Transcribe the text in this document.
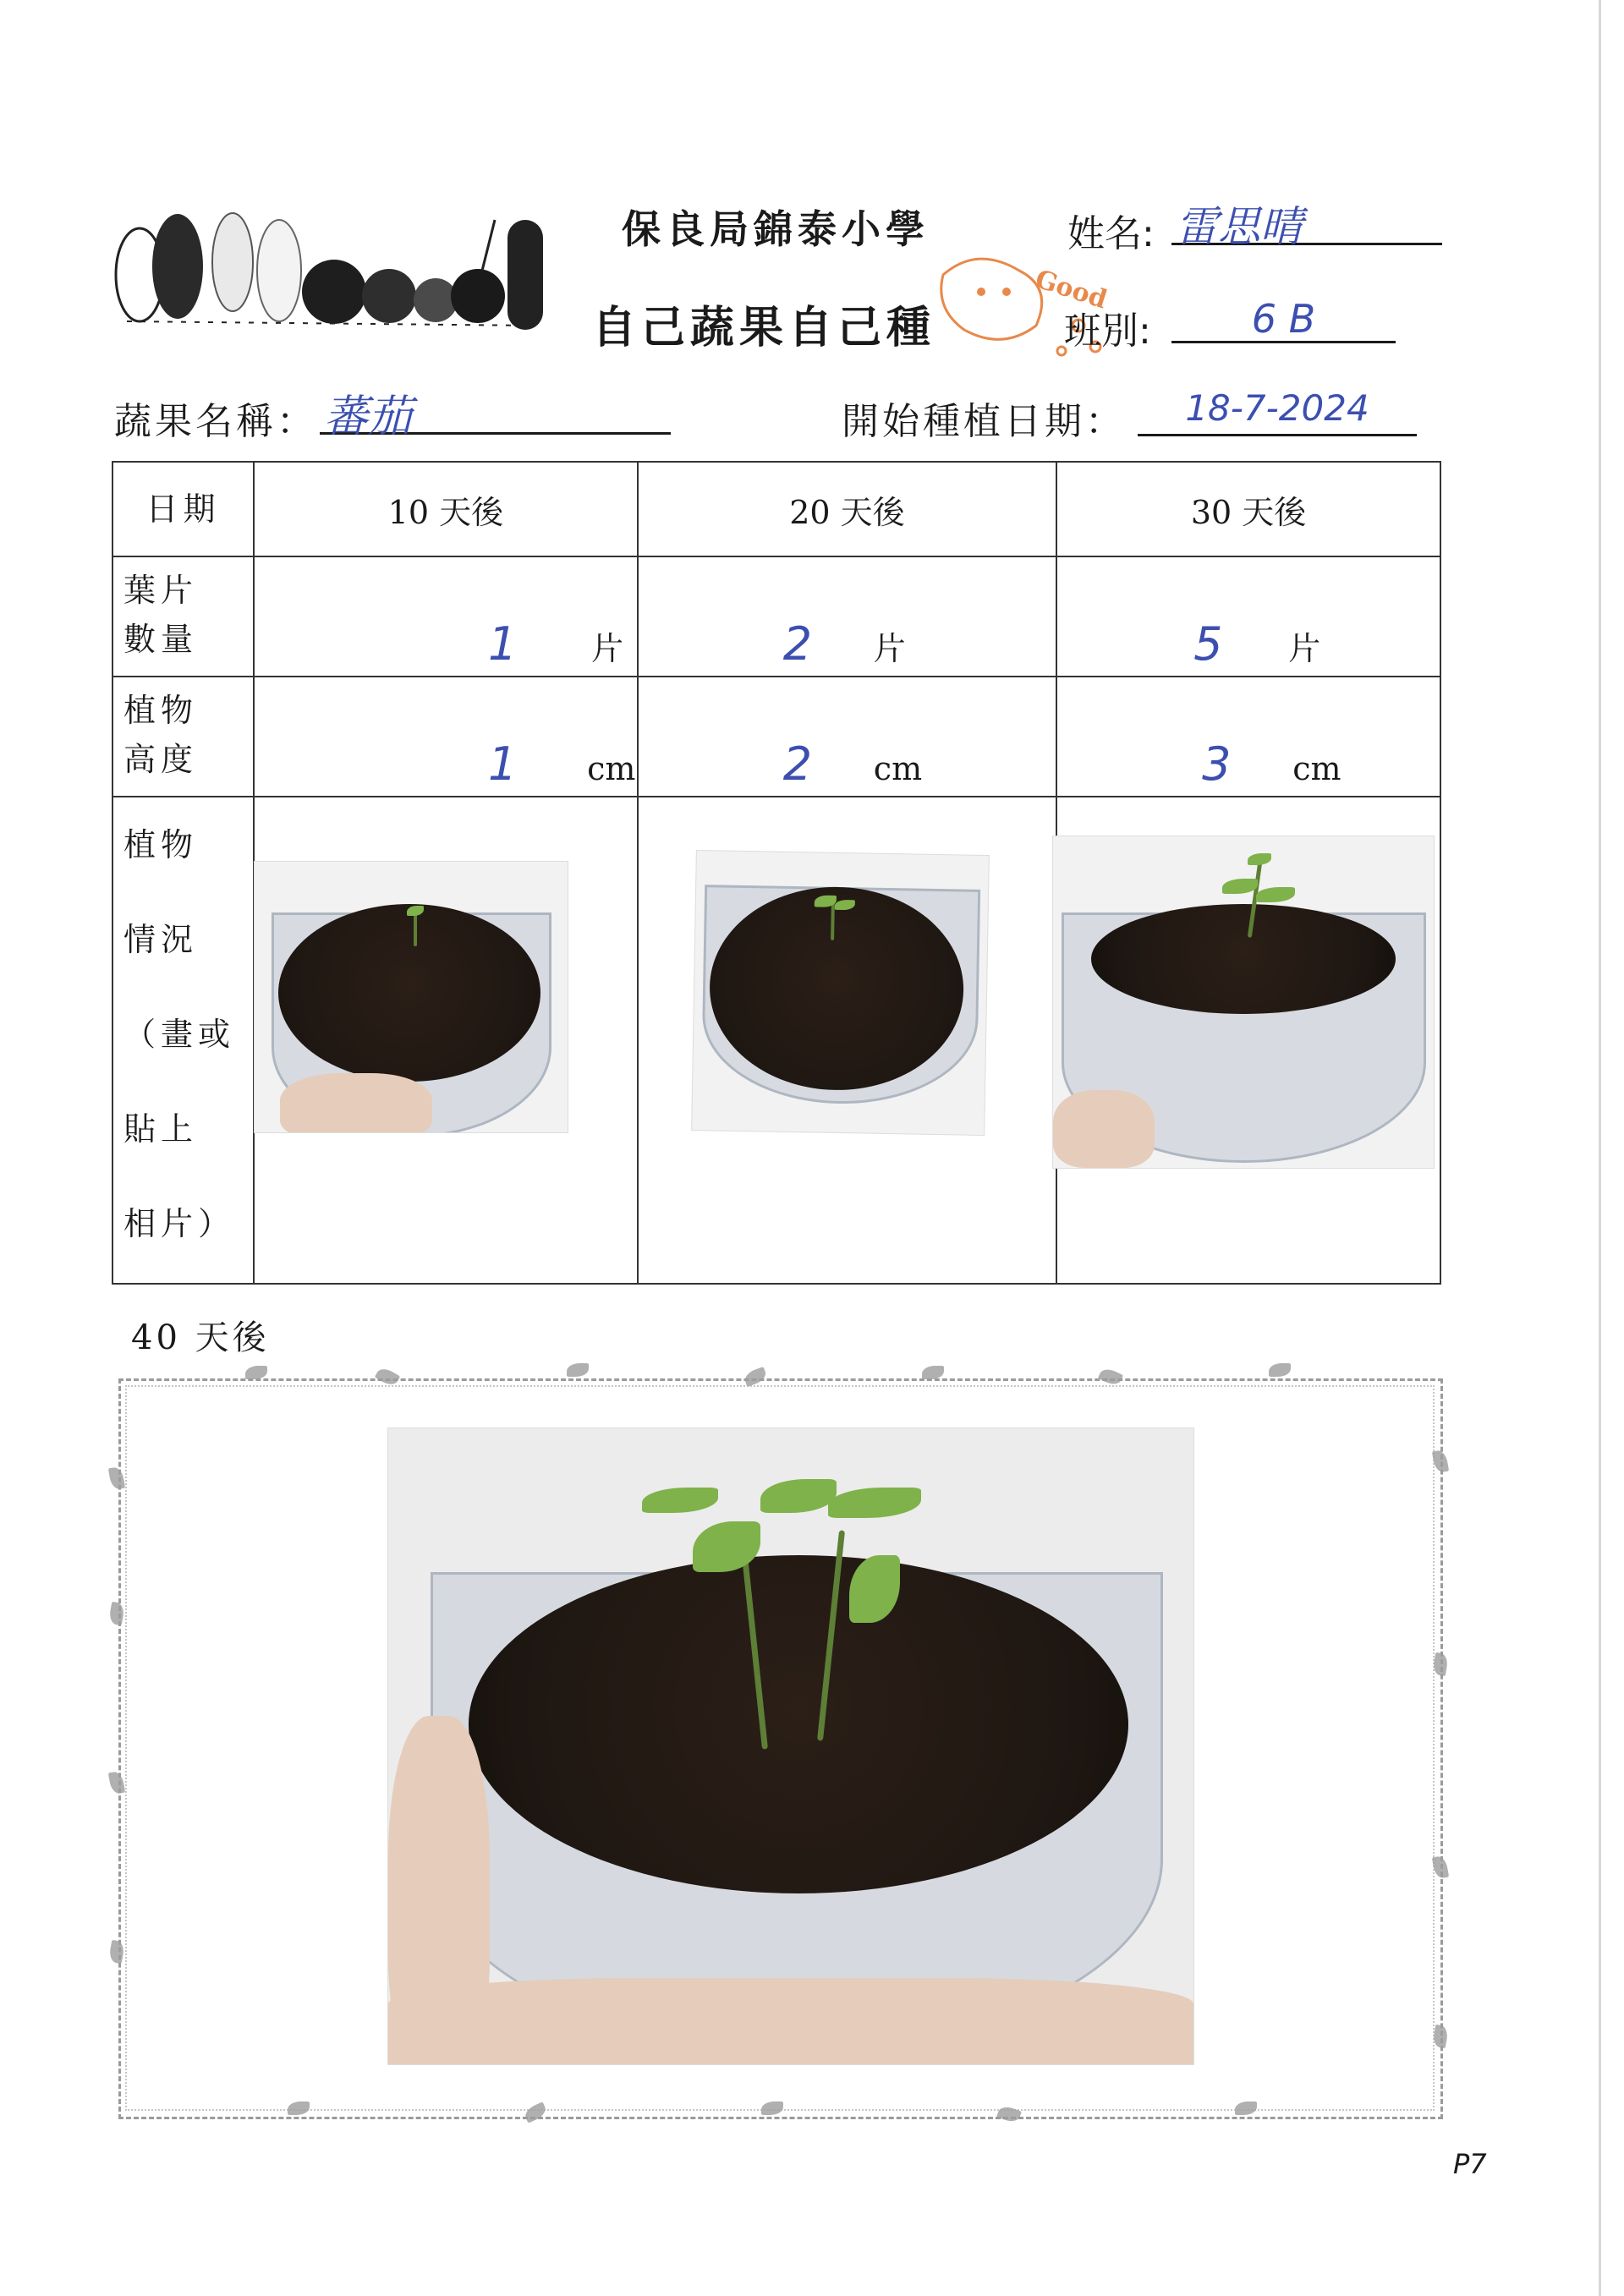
保良局錦泰小學
自己蔬果自己種
Good
姓名: 雷思晴
班別:	6 B
蔬果名稱： 蕃茄	開始種植日期：	18-7-2024
日期	10 天後	20 天後	30 天後

葉片
數量	1 片	2 片	5 片

植物
高度	1 cm	2 cm	3 cm

植物
情況
（畫或
貼上
相片）			

40 天後
P7
